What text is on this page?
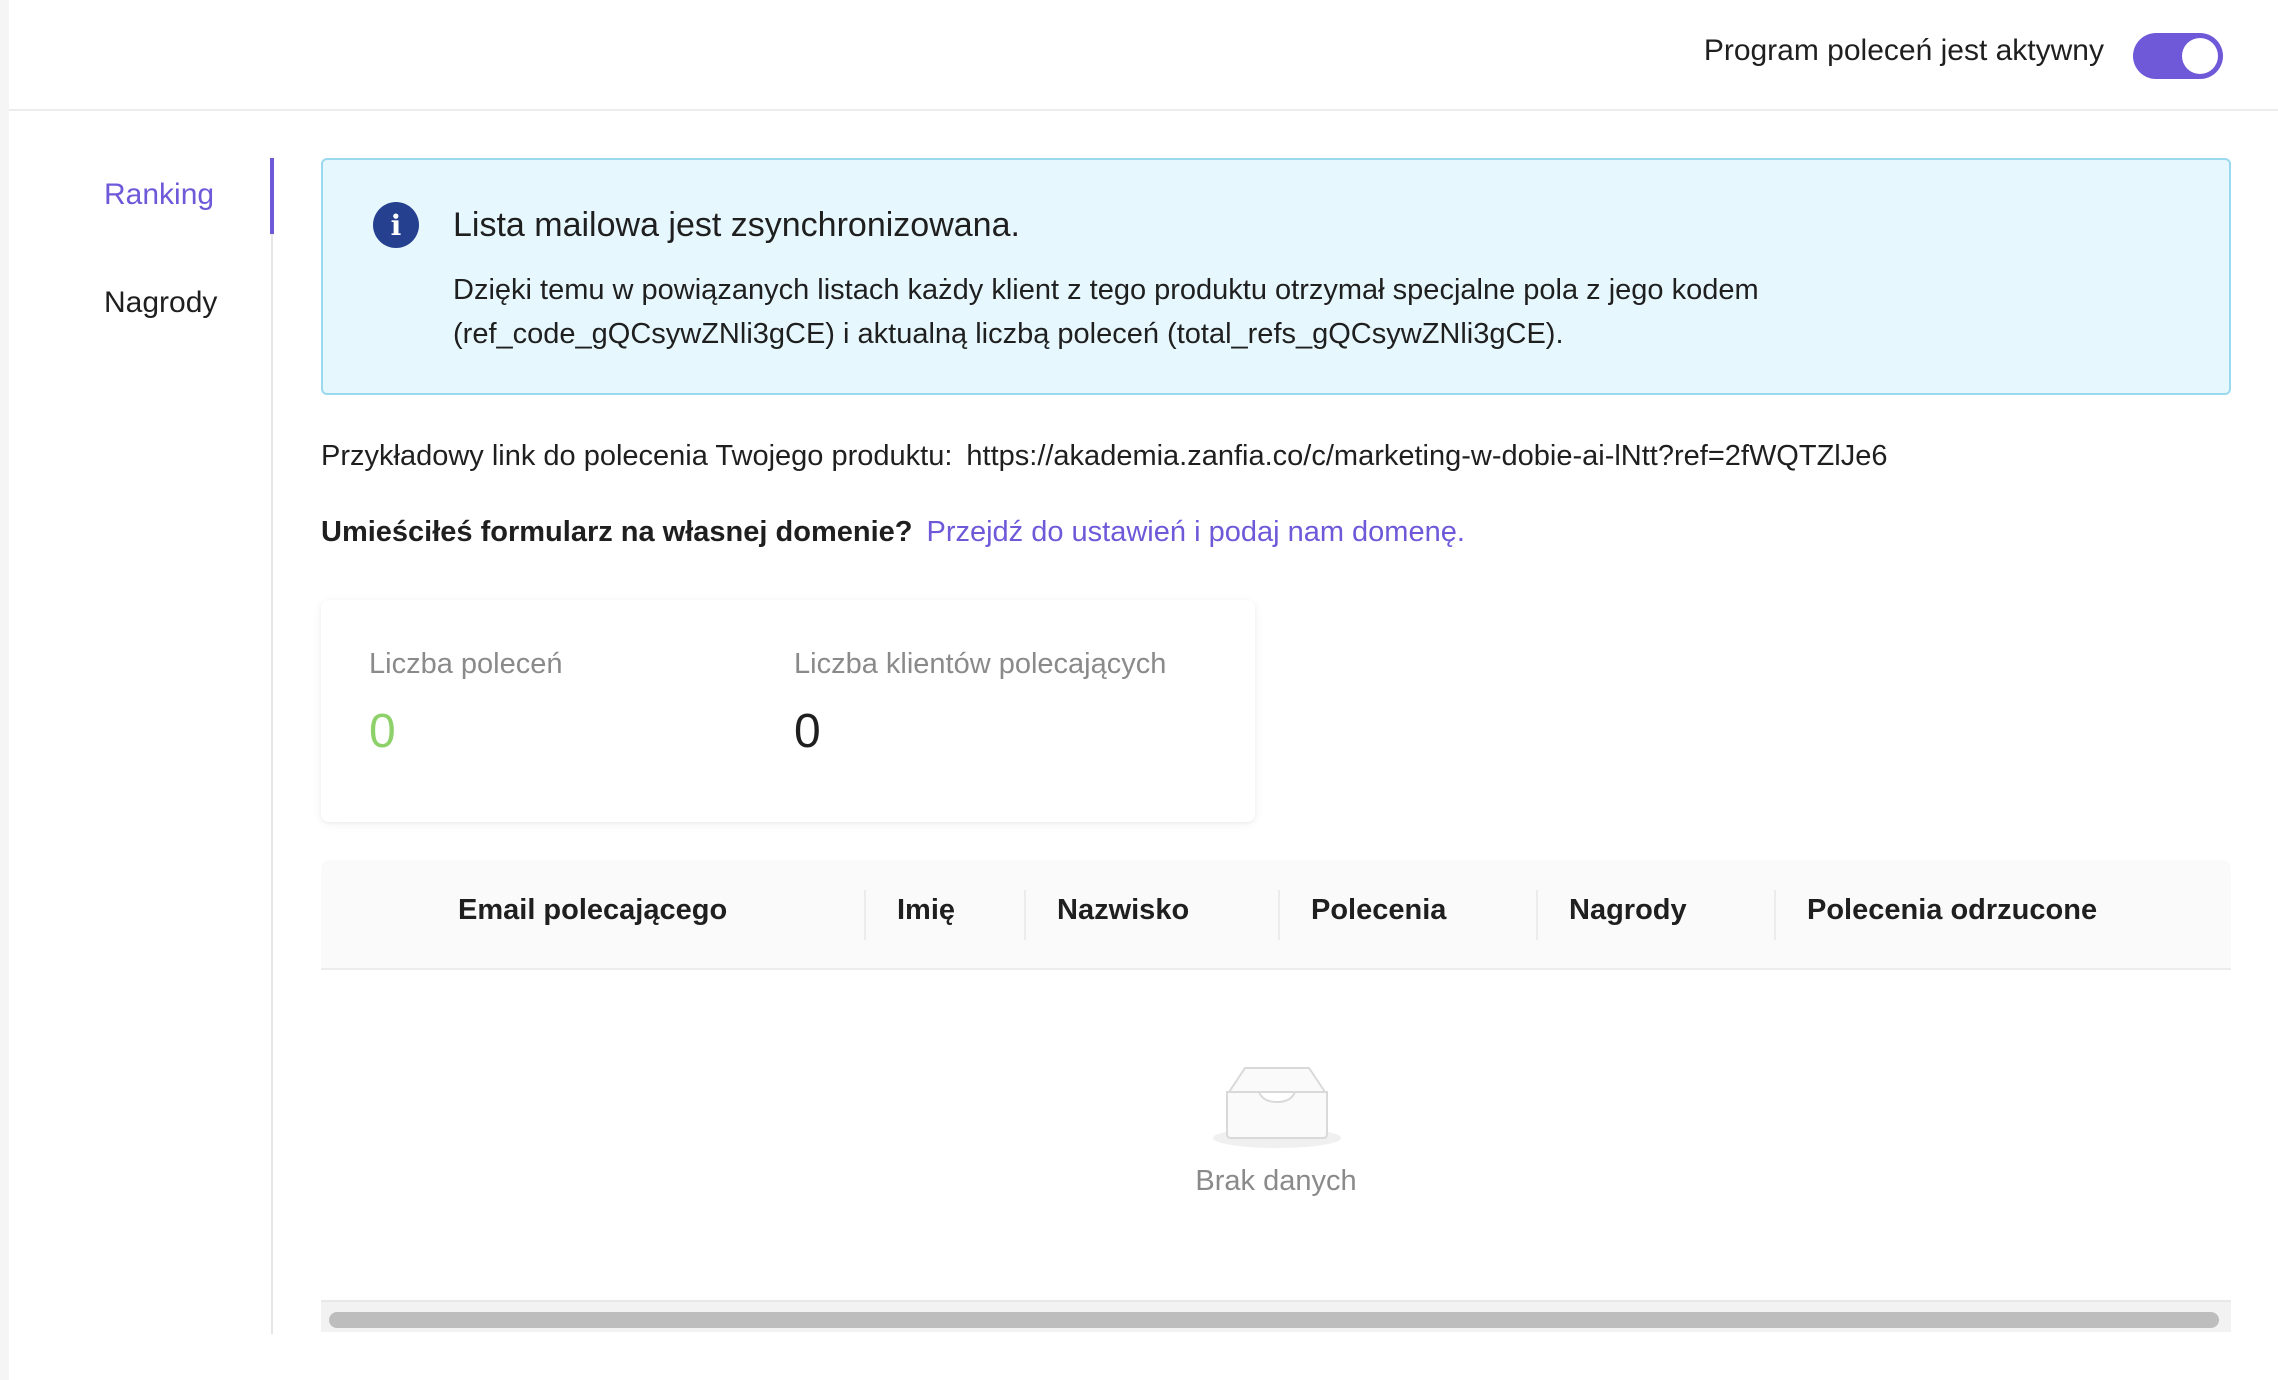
Program poleceń jest aktywny
Ranking
Nagrody
i	Lista mailowa jest zsynchronizowana.
Dzięki temu w powiązanych listach każdy klient z tego produktu otrzymał specjalne pola z jego kodem (ref_code_gQCsywZNli3gCE) i aktualną liczbą poleceń (total_refs_gQCsywZNli3gCE).
Przykładowy link do polecenia Twojego produktu: https://akademia.zanfia.co/c/marketing-w-dobie-ai-lNtt?ref=2fWQTZlJe6
Umieściłeś formularz na własnej domenie? Przejdź do ustawień i podaj nam domenę.
Liczba poleceń
0
Liczba klientów polecających
0
Email polecającego	Imię	Nazwisko	Polecenia	Nagrody	Polecenia odrzucone
Brak danych
